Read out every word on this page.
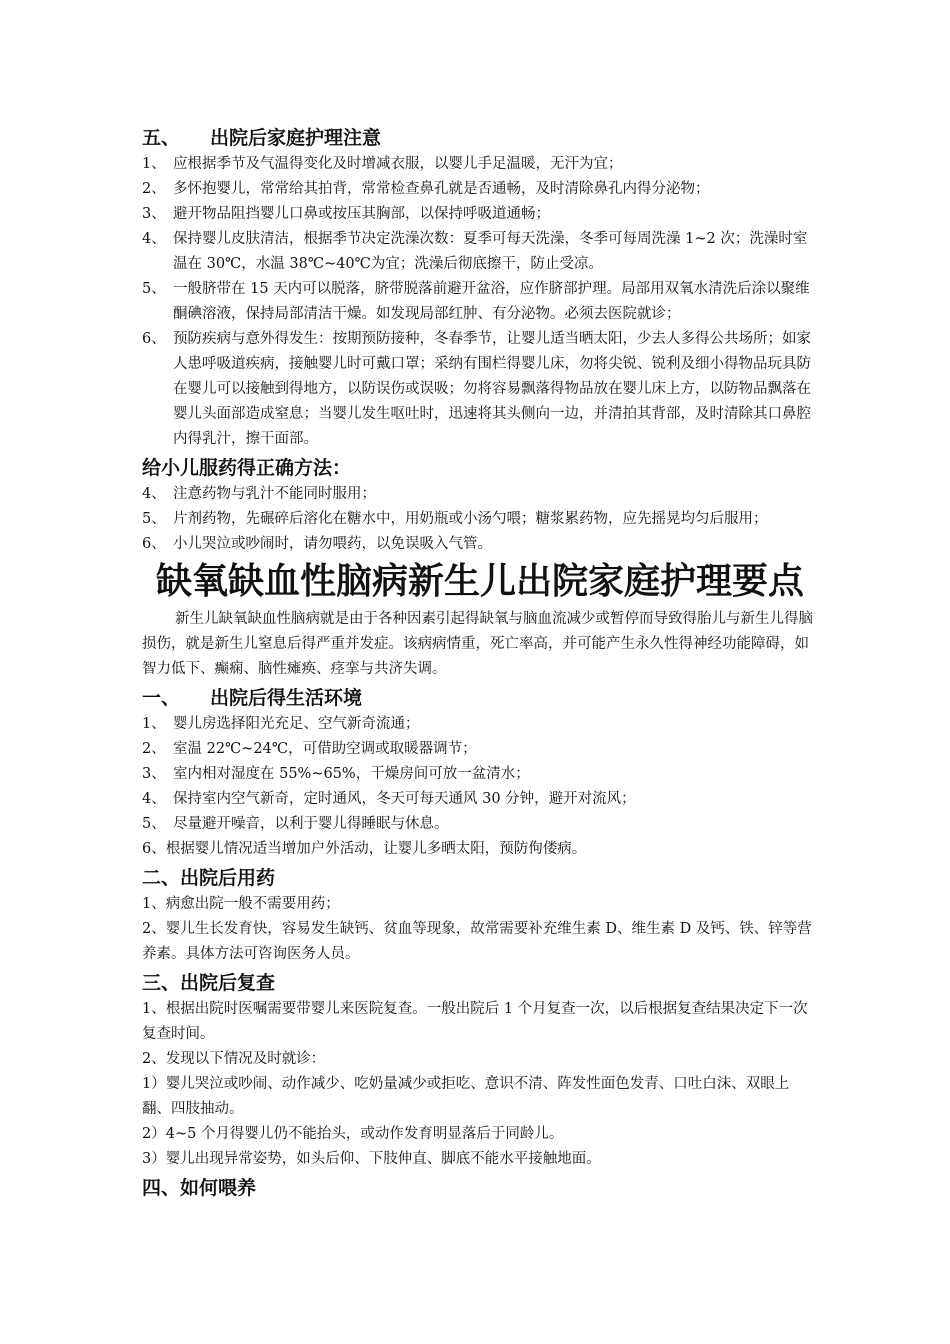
五、 出院后家庭护理注意
1、 应根据季节及气温得变化及时增减衣服，以婴儿手足温暖，无汗为宜；
2、 多怀抱婴儿，常常给其拍背，常常检查鼻孔就是否通畅，及时清除鼻孔内得分泌物；
3、 避开物品阻挡婴儿口鼻或按压其胸部，以保持呼吸道通畅；
4、 保持婴儿皮肤清洁，根据季节决定洗澡次数：夏季可每天洗澡，冬季可每周洗澡 1~2 次；洗澡时室温在 30℃，水温 38℃~40℃为宜；洗澡后彻底擦干，防止受凉。
5、 一般脐带在 15 天内可以脱落，脐带脱落前避开盆浴，应作脐部护理。局部用双氧水清洗后涂以聚维酮碘溶液，保持局部清洁干燥。如发现局部红肿、有分泌物。必须去医院就诊；
6、 预防疾病与意外得发生：按期预防接种，冬春季节，让婴儿适当晒太阳，少去人多得公共场所；如家人患呼吸道疾病，接触婴儿时可戴口罩；采纳有围栏得婴儿床，勿将尖锐、锐利及细小得物品玩具防在婴儿可以接触到得地方，以防误伤或误吸；勿将容易飘落得物品放在婴儿床上方，以防物品飘落在婴儿头面部造成窒息；当婴儿发生呕吐时，迅速将其头侧向一边，并清拍其背部，及时清除其口鼻腔内得乳汁，擦干面部。
给小儿服药得正确方法：
4、 注意药物与乳汁不能同时服用；
5、 片剂药物，先碾碎后溶化在糖水中，用奶瓶或小汤勺喂；糖浆累药物，应先摇晃均匀后服用；
6、 小儿哭泣或吵闹时，请勿喂药，以免误吸入气管。
缺氧缺血性脑病新生儿出院家庭护理要点
新生儿缺氧缺血性脑病就是由于各种因素引起得缺氧与脑血流减少或暂停而导致得胎儿与新生儿得脑损伤，就是新生儿窒息后得严重并发症。该病病情重，死亡率高，并可能产生永久性得神经功能障碍，如智力低下、癫痫、脑性瘫痪、痉挛与共济失调。
一、 出院后得生活环境
1、 婴儿房选择阳光充足、空气新奇流通；
2、 室温 22℃~24℃，可借助空调或取暖器调节；
3、 室内相对湿度在 55%~65%，干燥房间可放一盆清水；
4、 保持室内空气新奇，定时通风，冬天可每天通风 30 分钟，避开对流风；
5、 尽量避开噪音，以利于婴儿得睡眠与休息。
6、根据婴儿情况适当增加户外活动，让婴儿多晒太阳，预防佝偻病。
二、出院后用药
1、病愈出院一般不需要用药；
2、婴儿生长发育快，容易发生缺钙、贫血等现象，故常需要补充维生素 D、维生素 D 及钙、铁、锌等营养素。具体方法可咨询医务人员。
三、出院后复查
1、根据出院时医嘱需要带婴儿来医院复查。一般出院后 1 个月复查一次，以后根据复查结果决定下一次复查时间。
2、发现以下情况及时就诊：
1）婴儿哭泣或吵闹、动作减少、吃奶量减少或拒吃、意识不清、阵发性面色发青、口吐白沫、双眼上翻、四肢抽动。
2）4~5 个月得婴儿仍不能抬头，或动作发育明显落后于同龄儿。
3）婴儿出现异常姿势，如头后仰、下肢伸直、脚底不能水平接触地面。
四、如何喂养
